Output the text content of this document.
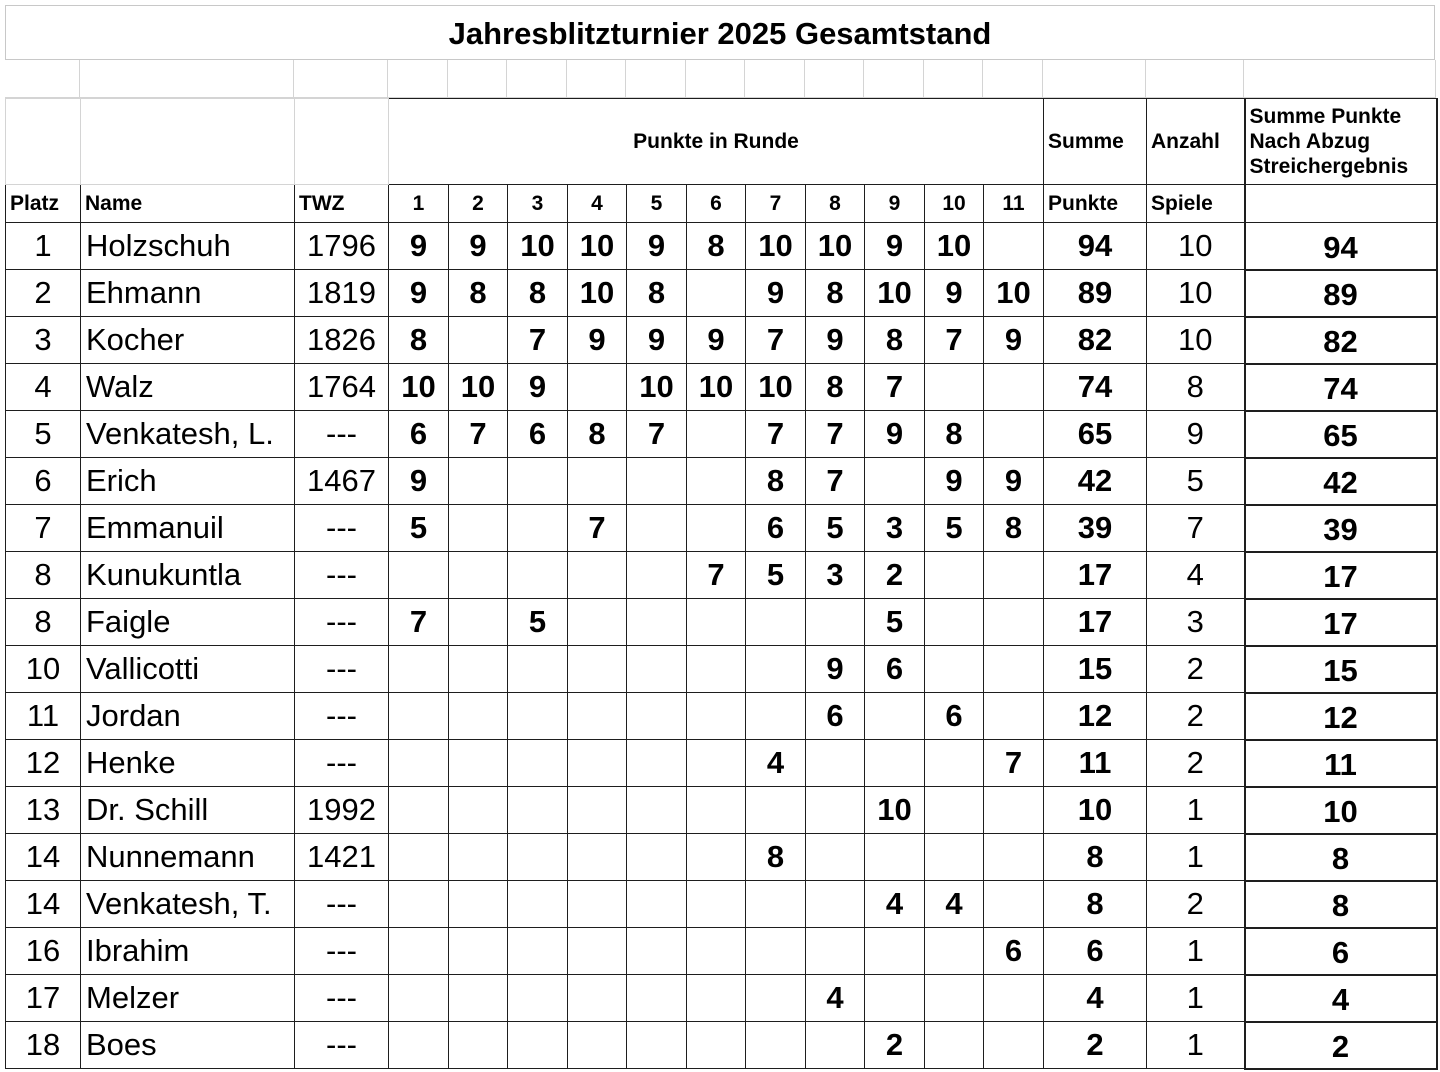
Jahresblitzturnier 2025 Gesamtstand
			Punkte in Runde											Summe	Anzahl	Summe Punkte
Nach Abzug
Streichergebnis
Platz	Name	TWZ	1	2	3	4	5	6	7	8	9	10	11	Punkte	Spiele	
1	Holzschuh	1796	9	9	10	10	9	8	10	10	9	10		94	10	94
2	Ehmann	1819	9	8	8	10	8		9	8	10	9	10	89	10	89
3	Kocher	1826	8		7	9	9	9	7	9	8	7	9	82	10	82
4	Walz	1764	10	10	9		10	10	10	8	7			74	8	74
5	Venkatesh, L.	---	6	7	6	8	7		7	7	9	8		65	9	65
6	Erich	1467	9						8	7		9	9	42	5	42
7	Emmanuil	---	5			7			6	5	3	5	8	39	7	39
8	Kunukuntla	---						7	5	3	2			17	4	17
8	Faigle	---	7		5						5			17	3	17
10	Vallicotti	---								9	6			15	2	15
11	Jordan	---								6		6		12	2	12
12	Henke	---							4				7	11	2	11
13	Dr. Schill	1992									10			10	1	10
14	Nunnemann	1421							8					8	1	8
14	Venkatesh, T.	---									4	4		8	2	8
16	Ibrahim	---											6	6	1	6
17	Melzer	---								4				4	1	4
18	Boes	---									2			2	1	2
